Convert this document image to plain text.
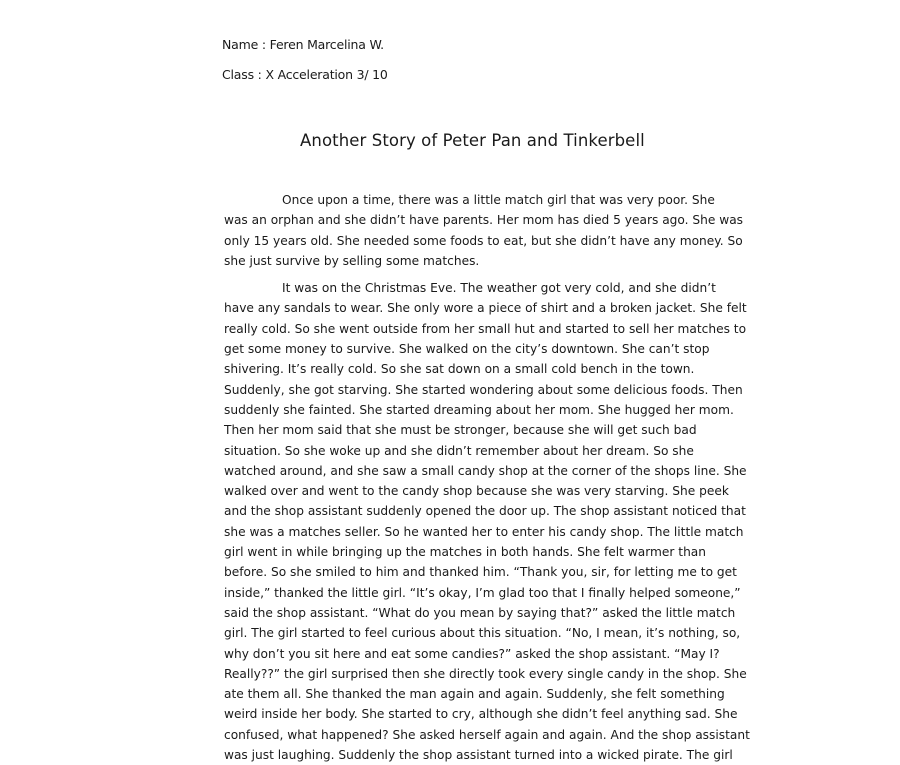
Name : Feren Marcelina W.
Class : X Acceleration 3/ 10
Another Story of Peter Pan and Tinkerbell
Once upon a time, there was a little match girl that was very poor. She
was an orphan and she didn’t have parents. Her mom has died 5 years ago. She was
only 15 years old. She needed some foods to eat, but she didn’t have any money. So
she just survive by selling some matches.
It was on the Christmas Eve. The weather got very cold, and she didn’t
have any sandals to wear. She only wore a piece of shirt and a broken jacket. She felt
really cold. So she went outside from her small hut and started to sell her matches to
get some money to survive. She walked on the city’s downtown. She can’t stop
shivering. It’s really cold. So she sat down on a small cold bench in the town.
Suddenly, she got starving. She started wondering about some delicious foods. Then
suddenly she fainted. She started dreaming about her mom. She hugged her mom.
Then her mom said that she must be stronger, because she will get such bad
situation. So she woke up and she didn’t remember about her dream. So she
watched around, and she saw a small candy shop at the corner of the shops line. She
walked over and went to the candy shop because she was very starving. She peek
and the shop assistant suddenly opened the door up. The shop assistant noticed that
she was a matches seller. So he wanted her to enter his candy shop. The little match
girl went in while bringing up the matches in both hands. She felt warmer than
before. So she smiled to him and thanked him. “Thank you, sir, for letting me to get
inside,” thanked the little girl. “It’s okay, I’m glad too that I finally helped someone,”
said the shop assistant. “What do you mean by saying that?” asked the little match
girl. The girl started to feel curious about this situation. “No, I mean, it’s nothing, so,
why don’t you sit here and eat some candies?” asked the shop assistant. “May I?
Really??” the girl surprised then she directly took every single candy in the shop. She
ate them all. She thanked the man again and again. Suddenly, she felt something
weird inside her body. She started to cry, although she didn’t feel anything sad. She
confused, what happened? She asked herself again and again. And the shop assistant
was just laughing. Suddenly the shop assistant turned into a wicked pirate. The girl
